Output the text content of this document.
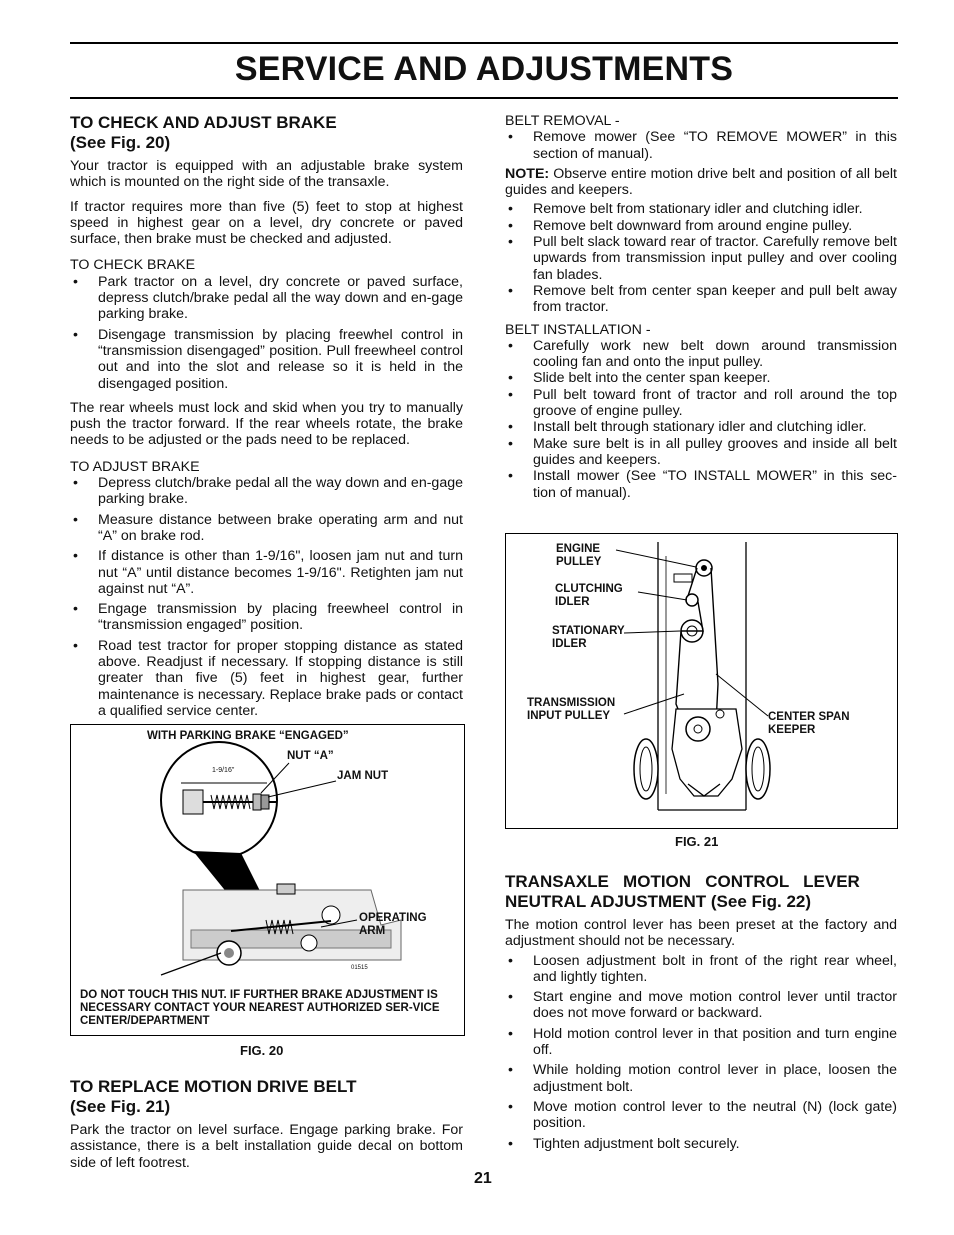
SERVICE AND ADJUSTMENTS
TO CHECK AND ADJUST BRAKE
(See Fig. 20)

Your tractor is equipped with an adjustable brake system which is mounted on the right side of the transaxle.

If tractor requires more than five (5) feet to stop at highest speed in highest gear on a level, dry concrete or paved surface, then brake must be checked and adjusted.

TO CHECK BRAKE
• Park tractor on a level, dry concrete or paved surface, depress clutch/brake pedal all the way down and en-gage parking brake.
• Disengage transmission by placing freewhel control in “transmission disengaged” position. Pull freewheel control out and into the slot and release so it is held in the disengaged position.

The rear wheels must lock and skid when you try to manually push the tractor forward. If the rear wheels rotate, the brake needs to be adjusted or the pads need to be replaced.

TO ADJUST BRAKE
• Depress clutch/brake pedal all the way down and en-gage parking brake.
• Measure distance between brake operating arm and nut “A” on brake rod.
• If distance is other than 1-9/16", loosen jam nut and turn nut “A” until distance becomes 1-9/16". Retighten jam nut against nut “A”.
• Engage transmission by placing freewheel control in “transmission engaged” position.
• Road test tractor for proper stopping distance as stated above. Readjust if necessary. If stopping distance is still greater than five (5) feet in highest gear, further maintenance is necessary. Replace brake pads or contact a qualified service center.
WITH PARKING BRAKE “ENGAGED”
NUT “A”
JAM NUT
1-9/16"
OPERATING
ARM
01515
DO NOT TOUCH THIS NUT. IF FURTHER BRAKE ADJUSTMENT IS NECESSARY CONTACT YOUR NEAREST AUTHORIZED SER-VICE CENTER/DEPARTMENT
FIG. 20
TO REPLACE MOTION DRIVE BELT
(See Fig. 21)

Park the tractor on level surface. Engage parking brake. For assistance, there is a belt installation guide decal on bottom side of left footrest.

BELT REMOVAL -
• Remove mower (See “TO REMOVE MOWER” in this section of manual).

NOTE: Observe entire motion drive belt and position of all belt guides and keepers.

• Remove belt from stationary idler and clutching idler.
• Remove belt downward from around engine pulley.
• Pull belt slack toward rear of tractor. Carefully remove belt upwards from transmission input pulley and over cooling fan blades.
• Remove belt from center span keeper and pull belt away from tractor.
BELT INSTALLATION -
• Carefully work new belt down around transmission cooling fan and onto the input pulley.
• Slide belt into the center span keeper.
• Pull belt toward front of tractor and roll around the top groove of engine pulley.
• Install belt through stationary idler and clutching idler.
• Make sure belt is in all pulley grooves and inside all belt guides and keepers.
• Install mower (See “TO INSTALL MOWER” in this sec-tion of manual).
ENGINE
PULLEY
CLUTCHING
IDLER
STATIONARY
IDLER
TRANSMISSION
INPUT PULLEY	CENTER SPAN
KEEPER
FIG. 21
TRANSAXLE   MOTION   CONTROL   LEVER
NEUTRAL ADJUSTMENT (See Fig. 22)

The motion control lever has been preset at the factory and adjustment should not be necessary.

• Loosen adjustment bolt in front of the right rear wheel, and lightly tighten.
• Start engine and move motion control lever until tractor does not move forward or backward.
• Hold motion control lever in that position and turn engine off.
• While holding motion control lever in place, loosen the adjustment bolt.
• Move motion control lever to the neutral (N) (lock gate) position.
• Tighten adjustment bolt securely.
21
